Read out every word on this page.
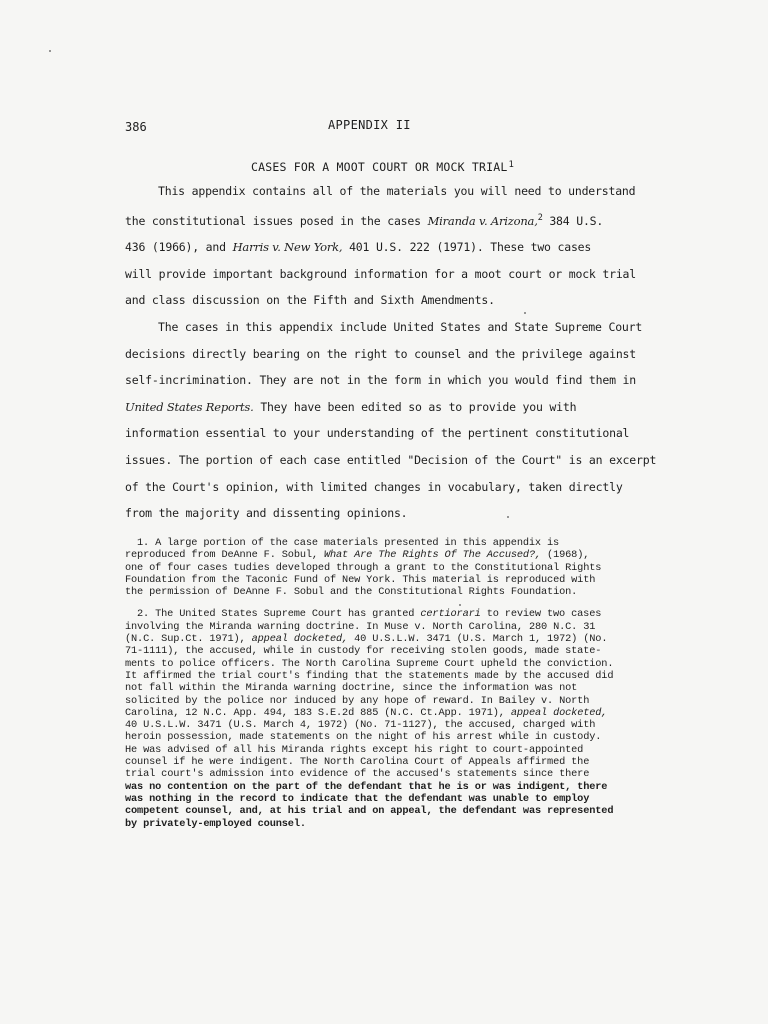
386	APPENDIX II
CASES FOR A MOOT COURT OR MOCK TRIAL$^1$

This appendix contains all of the materials you will need to understand

the constitutional issues posed in the cases Miranda v. Arizona,$^2$ 384 U.S.
436 (1966), and Harris v. New York, 401 U.S. 222 (1971). These two cases
will provide important background information for a moot court or mock trial
and class discussion on the Fifth and Sixth Amendments.

The cases in this appendix include United States and State Supreme Court

decisions directly bearing on the right to counsel and the privilege against
self-incrimination. They are not in the form in which you would find them in
United States Reports. They have been edited so as to provide you with
information essential to your understanding of the pertinent constitutional
issues. The portion of each case entitled "Decision of the Court" is an excerpt
of the Court's opinion, with limited changes in vocabulary, taken directly
from the majority and dissenting opinions.
1. A large portion of the case materials presented in this appendix is
reproduced from DeAnne F. Sobul, What Are The Rights Of The Accused?, (1968),
one of four cases tudies developed through a grant to the Constitutional Rights
Foundation from the Taconic Fund of New York. This material is reproduced with
the permission of DeAnne F. Sobul and the Constitutional Rights Foundation.
2. The United States Supreme Court has granted certiorari to review two cases
involving the Miranda warning doctrine. In Muse v. North Carolina, 280 N.C. 31
(N.C. Sup.Ct. 1971), appeal docketed, 40 U.S.L.W. 3471 (U.S. March 1, 1972) (No.
71-1111), the accused, while in custody for receiving stolen goods, made state-
ments to police officers. The North Carolina Supreme Court upheld the conviction.
It affirmed the trial court's finding that the statements made by the accused did
not fall within the Miranda warning doctrine, since the information was not
solicited by the police nor induced by any hope of reward. In Bailey v. North
Carolina, 12 N.C. App. 494, 183 S.E.2d 885 (N.C. Ct.App. 1971), appeal docketed,
40 U.S.L.W. 3471 (U.S. March 4, 1972) (No. 71-1127), the accused, charged with
heroin possession, made statements on the night of his arrest while in custody.
He was advised of all his Miranda rights except his right to court-appointed
counsel if he were indigent. The North Carolina Court of Appeals affirmed the
trial court's admission into evidence of the accused's statements since there
was no contention on the part of the defendant that he is or was indigent, there
was nothing in the record to indicate that the defendant was unable to employ
competent counsel, and, at his trial and on appeal, the defendant was represented
by privately-employed counsel.
